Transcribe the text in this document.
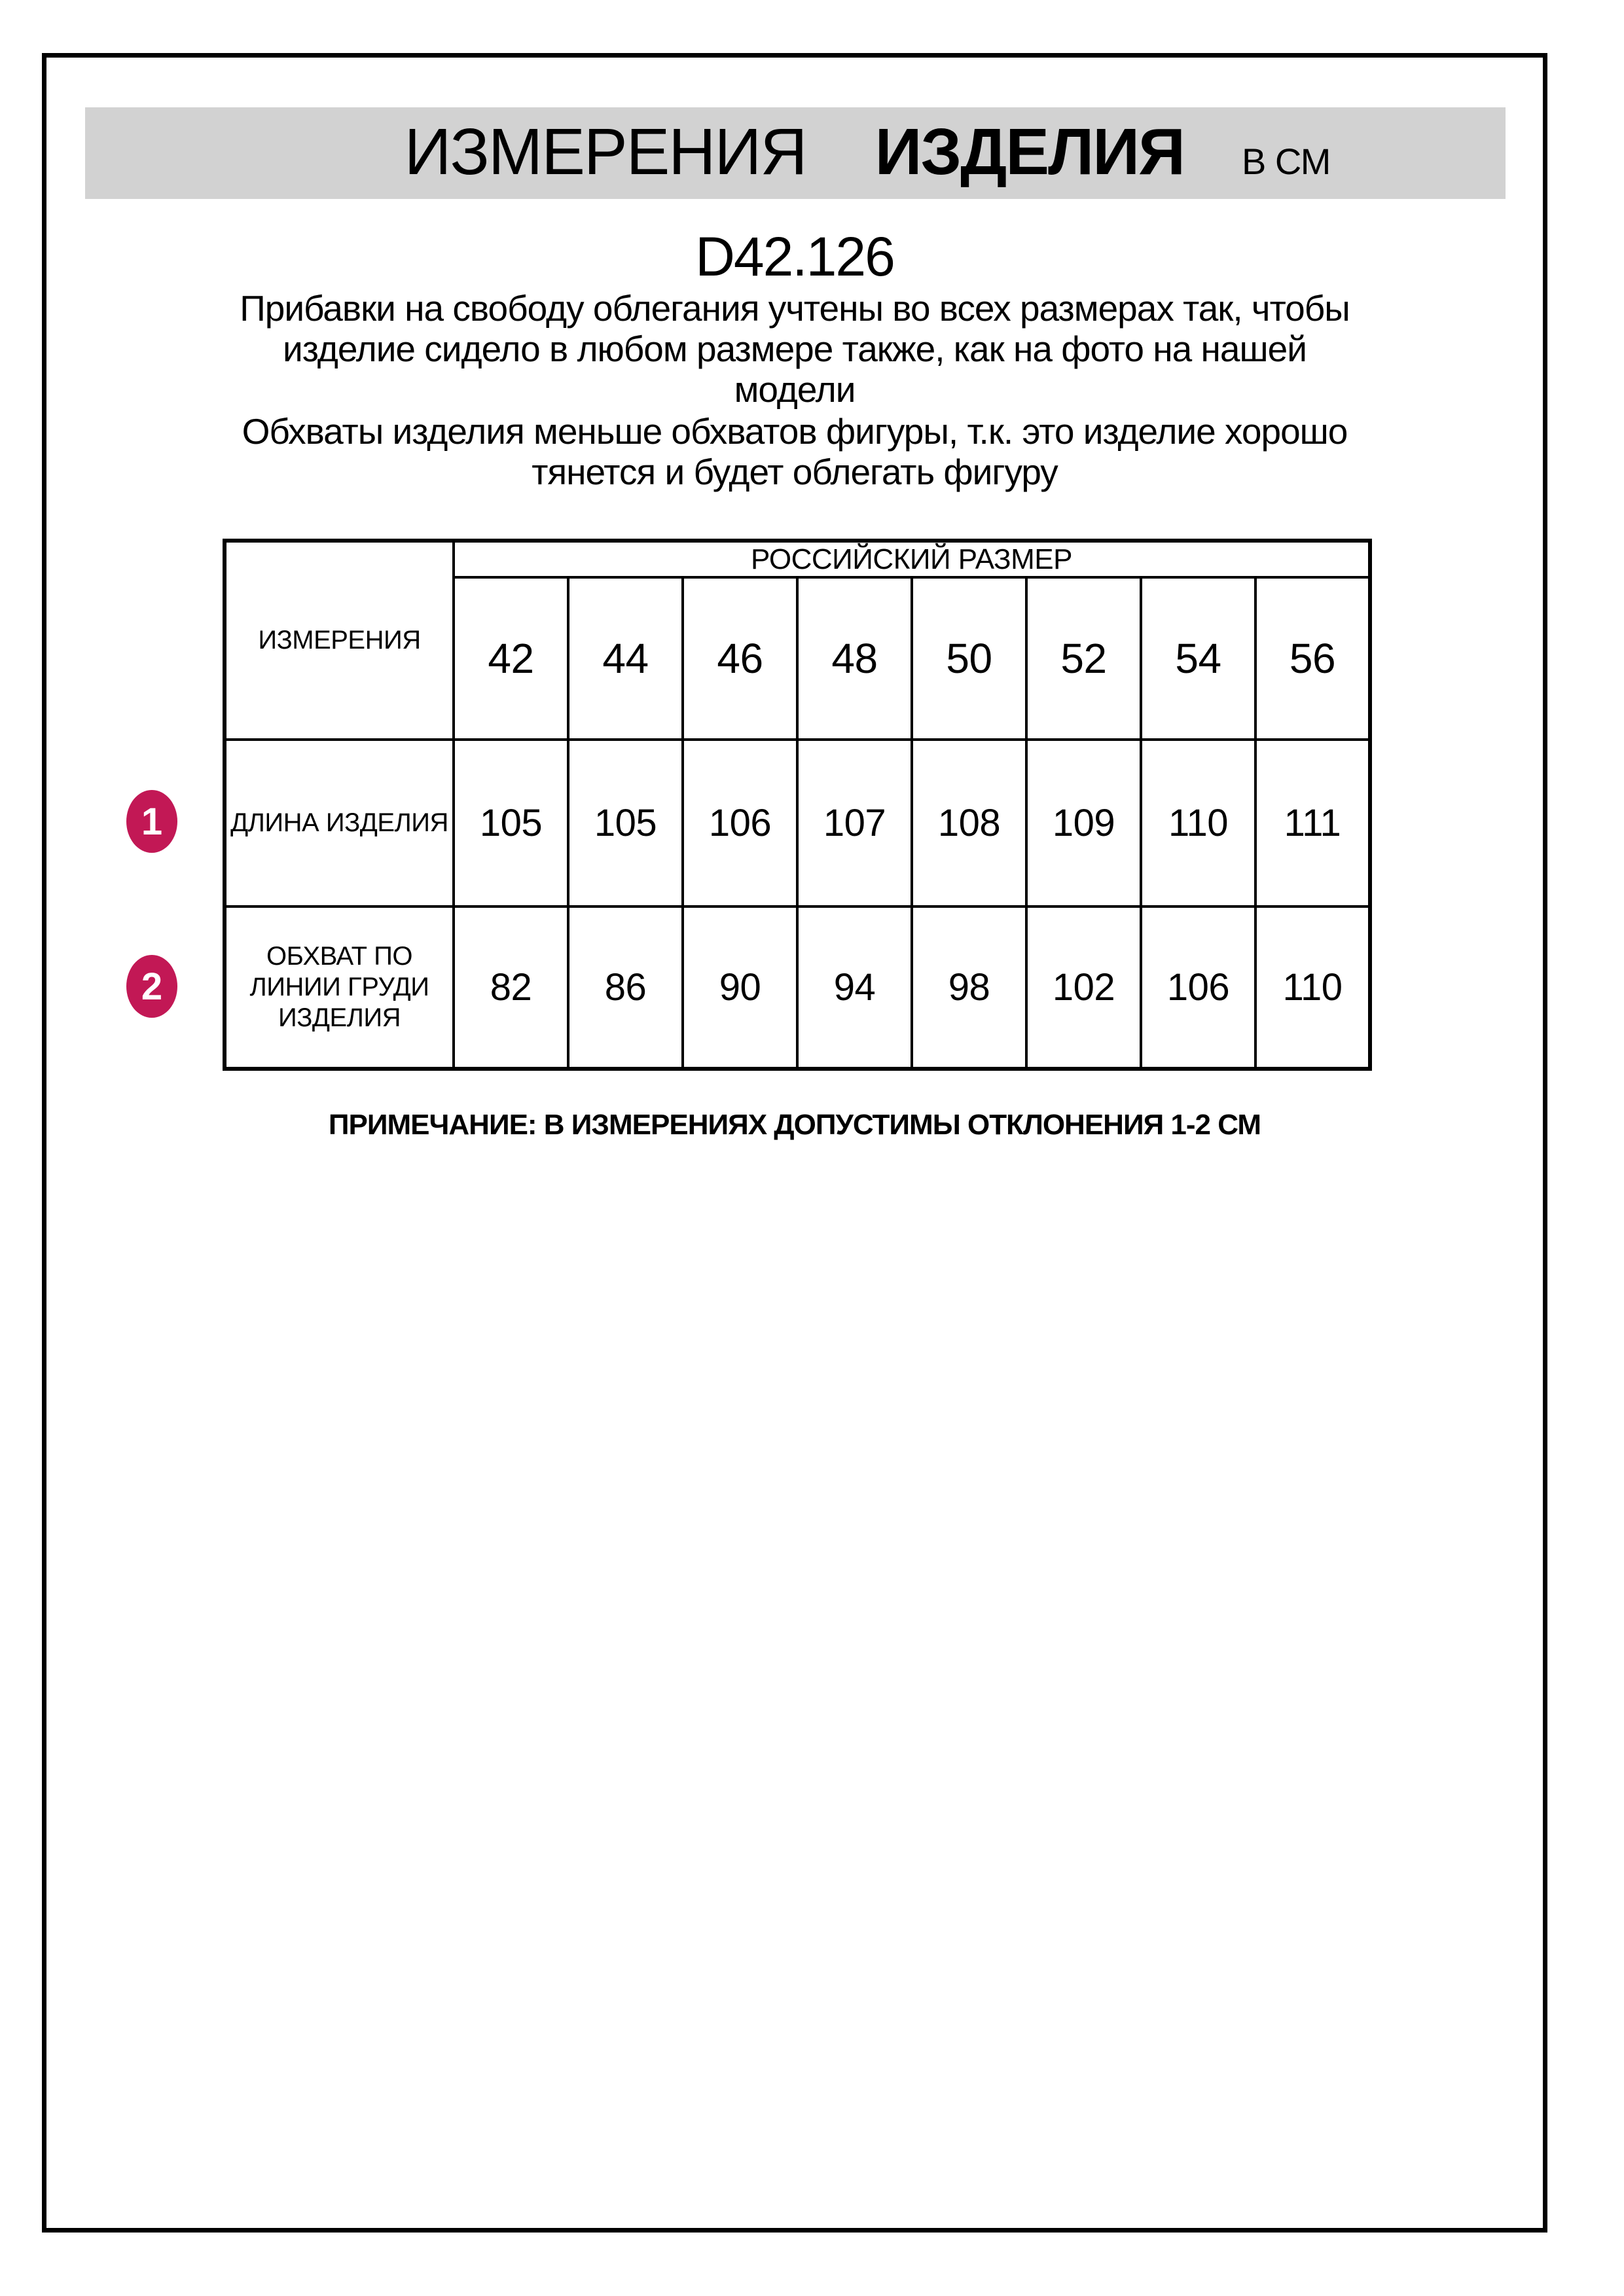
ИЗМЕРЕНИЯ ИЗДЕЛИЯ В СМ
D42.126
Прибавки на свободу облегания учтены во всех размерах так, чтобы
изделие сидело в любом размере также, как на фото на нашей
модели
Обхваты изделия меньше обхватов фигуры, т.к. это изделие хорошо
тянется и будет облегать фигуру
ИЗМЕРЕНИЯ	РОССИЙСКИЙ РАЗМЕР							
	42	44	46	48	50	52	54	56
ДЛИНА ИЗДЕЛИЯ	105	105	106	107	108	109	110	111
ОБХВАТ ПО ЛИНИИ ГРУДИ ИЗДЕЛИЯ	82	86	90	94	98	102	106	110
1
2
ПРИМЕЧАНИЕ: В ИЗМЕРЕНИЯХ ДОПУСТИМЫ ОТКЛОНЕНИЯ 1-2 СМ
